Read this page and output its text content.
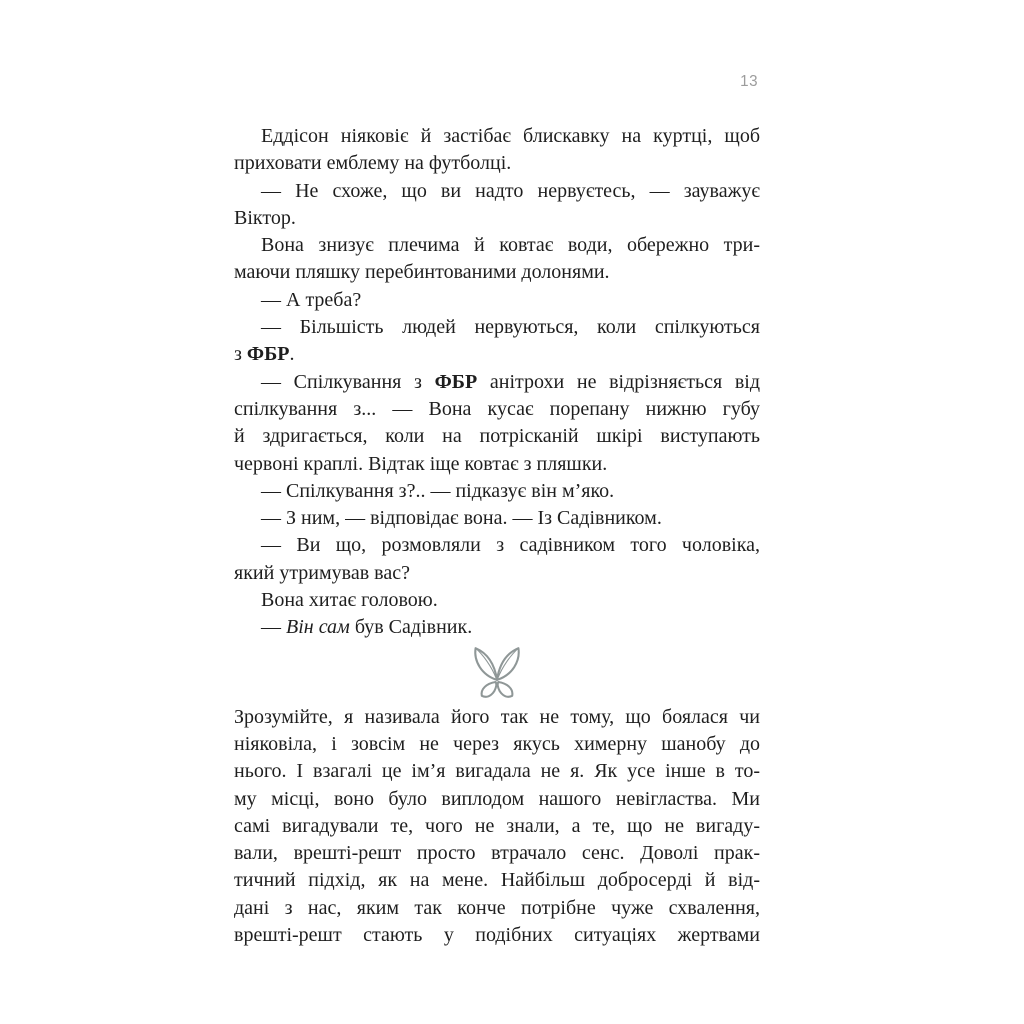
13
Еддісон ніяковіє й застібає блискавку на куртці, щоб
приховати емблему на футболці.
— Не схоже, що ви надто нервуєтесь, — зауважує
Віктор.
Вона знизує плечима й ковтає води, обережно три-
маючи пляшку перебинтованими долонями.
— А треба?
— Більшість людей нервуються, коли спілкуються
з ФБР.
— Спілкування з ФБР анітрохи не відрізняється від
спілкування з... — Вона кусає порепану нижню губу
й здригається, коли на потрісканій шкірі виступають
червоні краплі. Відтак іще ковтає з пляшки.
— Спілкування з?.. — підказує він м’яко.
— З ним, — відповідає вона. — Із Садівником.
— Ви що, розмовляли з садівником того чоловіка,
який утримував вас?
Вона хитає головою.
— Він сам був Садівник.
Зрозумійте, я називала його так не тому, що боялася чи
ніяковіла, і зовсім не через якусь химерну шанобу до
нього. І взагалі це ім’я вигадала не я. Як усе інше в то-
му місці, воно було виплодом нашого невігластва. Ми
самі вигадували те, чого не знали, а те, що не вигаду-
вали, врешті-решт просто втрачало сенс. Доволі прак-
тичний підхід, як на мене. Найбільш добросерді й від-
дані з нас, яким так конче потрібне чуже схвалення,
врешті-решт стають у подібних ситуаціях жертвами
